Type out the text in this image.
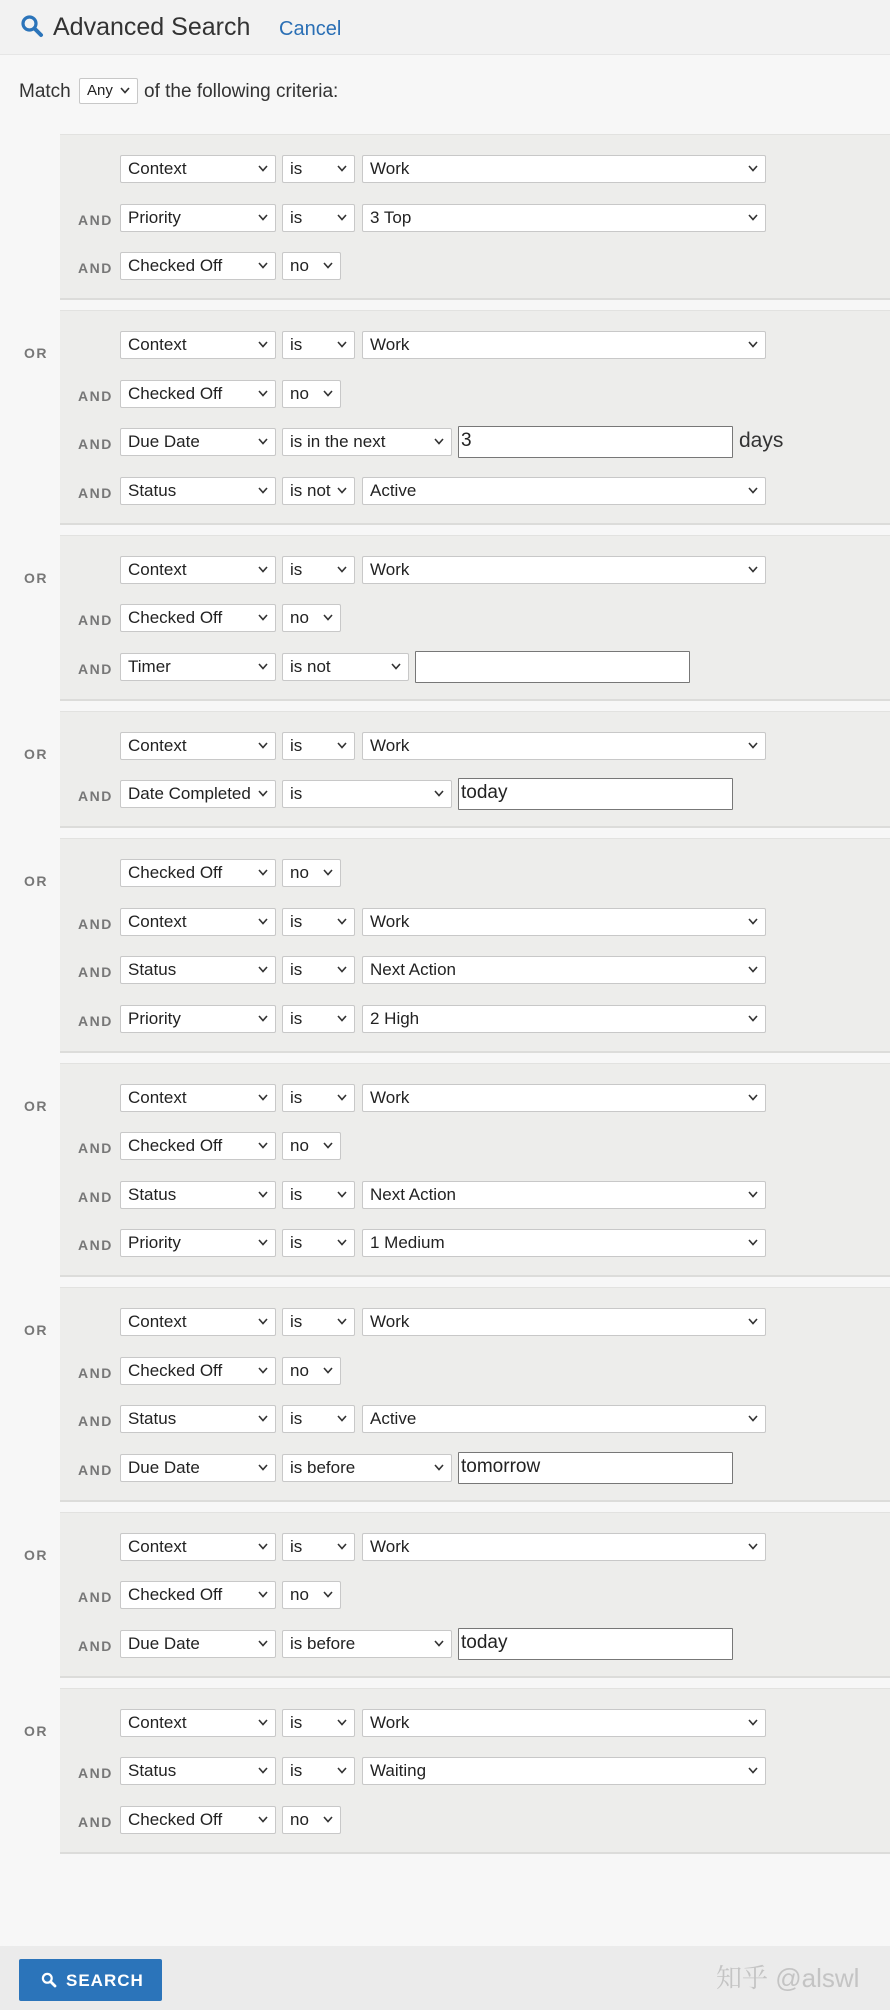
Advanced Search Cancel
Match	Any	of the following criteria:
Context	is	Work
AND Priority	is	3 Top
AND Checked Off	no
OR	Context	is	Work
AND Checked Off	no
AND Due Date	is in the next	3	days
AND Status	is not	Active
OR	Context	is	Work
AND Checked Off	no
AND Timer	is not
OR	Context	is	Work
AND Date Completed	is	today
OR	Checked Off	no
AND Context	is	Work
AND Status	is	Next Action
AND Priority	is	2 High
OR	Context	is	Work
AND Checked Off	no
AND Status	is	Next Action
AND Priority	is	1 Medium
OR	Context	is	Work
AND Checked Off	no
AND Status	is	Active
AND Due Date	is before	tomorrow
OR	Context	is	Work
AND Checked Off	no
AND Due Date	is before	today
OR	Context	is	Work
AND Status	is	Waiting
AND Checked Off	no
SEARCH	知乎 @alswl
